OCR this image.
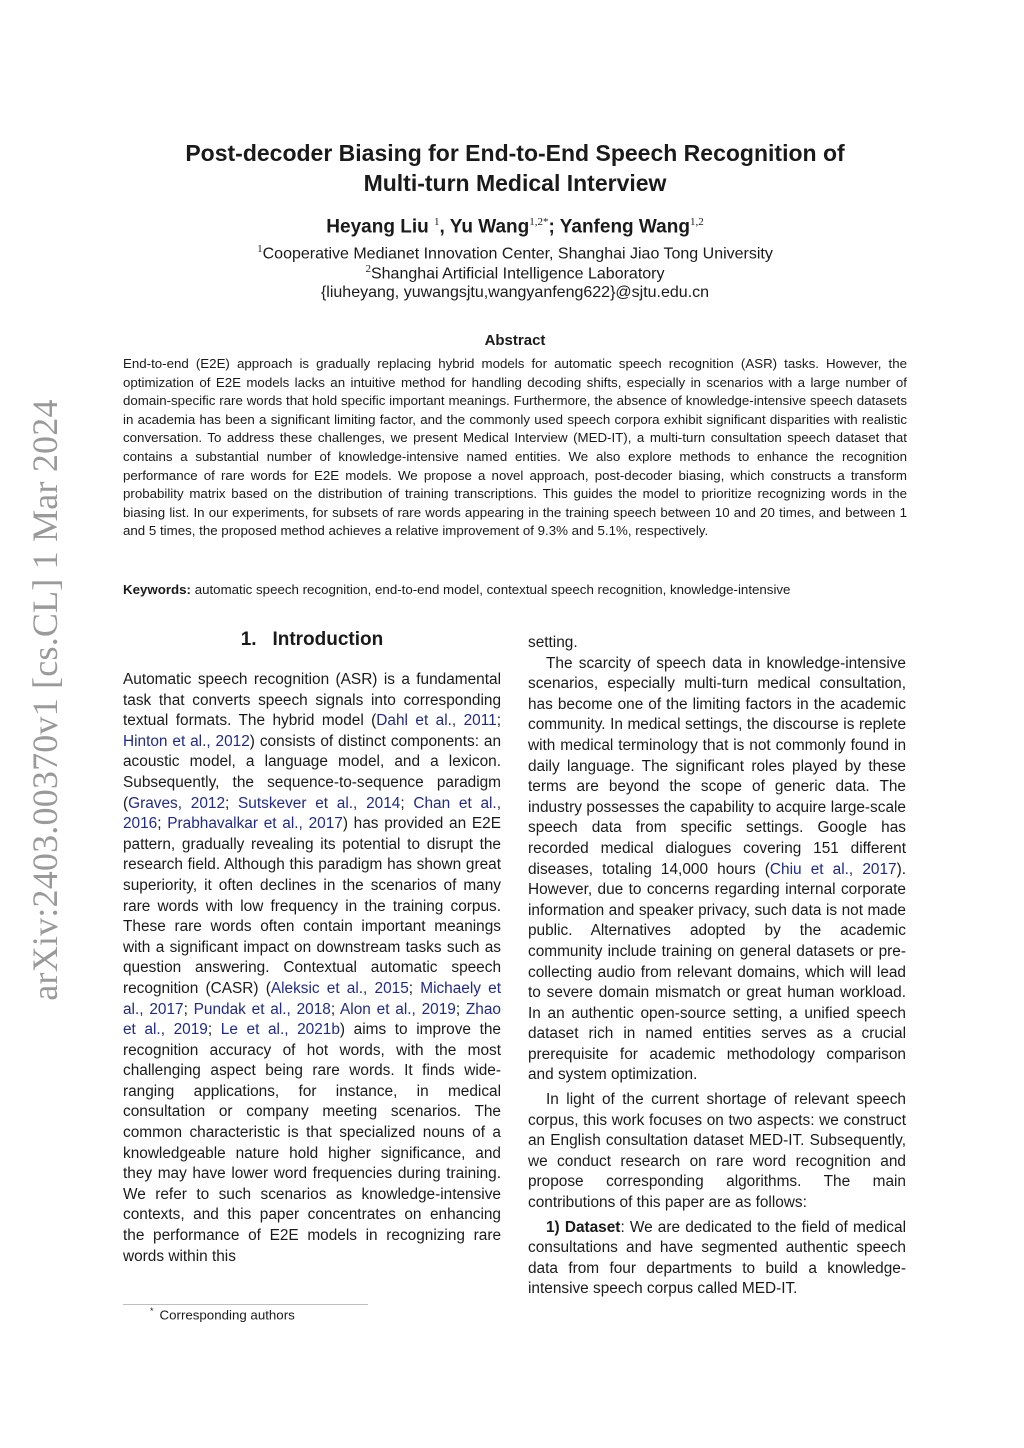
arXiv:2403.00370v1 [cs.CL] 1 Mar 2024
Post-decoder Biasing for End-to-End Speech Recognition of
Multi-turn Medical Interview
Heyang Liu $^1$, Yu Wang$^{1,2*}$; Yanfeng Wang$^{1,2}$
$^1$Cooperative Medianet Innovation Center, Shanghai Jiao Tong University
$^2$Shanghai Artificial Intelligence Laboratory
{liuheyang, yuwangsjtu,wangyanfeng622}@sjtu.edu.cn
Abstract
End-to-end (E2E) approach is gradually replacing hybrid models for automatic speech recognition (ASR) tasks. However, the optimization of E2E models lacks an intuitive method for handling decoding shifts, especially in scenarios with a large number of domain-specific rare words that hold specific important meanings. Furthermore, the absence of knowledge-intensive speech datasets in academia has been a significant limiting factor, and the commonly used speech corpora exhibit significant disparities with realistic conversation. To address these challenges, we present Medical Interview (MED-IT), a multi-turn consultation speech dataset that contains a substantial number of knowledge-intensive named entities. We also explore methods to enhance the recognition performance of rare words for E2E models. We propose a novel approach, post-decoder biasing, which constructs a transform probability matrix based on the distribution of training transcriptions. This guides the model to prioritize recognizing words in the biasing list. In our experiments, for subsets of rare words appearing in the training speech between 10 and 20 times, and between 1 and 5 times, the proposed method achieves a relative improvement of 9.3% and 5.1%, respectively.
Keywords: automatic speech recognition, end-to-end model, contextual speech recognition, knowledge-intensive
1. Introduction

Automatic speech recognition (ASR) is a fundamental task that converts speech signals into corresponding textual formats. The hybrid model (Dahl et al., 2011; Hinton et al., 2012) consists of distinct components: an acoustic model, a language model, and a lexicon. Subsequently, the sequence-to-sequence paradigm (Graves, 2012; Sutskever et al., 2014; Chan et al., 2016; Prabhavalkar et al., 2017) has provided an E2E pattern, gradually revealing its potential to disrupt the research field. Although this paradigm has shown great superiority, it often declines in the scenarios of many rare words with low frequency in the training corpus. These rare words often contain important meanings with a significant impact on downstream tasks such as question answering. Contextual automatic speech recognition (CASR) (Aleksic et al., 2015; Michaely et al., 2017; Pundak et al., 2018; Alon et al., 2019; Zhao et al., 2019; Le et al., 2021b) aims to improve the recognition accuracy of hot words, with the most challenging aspect being rare words. It finds wide-ranging applications, for instance, in medical consultation or company meeting scenarios. The common characteristic is that specialized nouns of a knowledgeable nature hold higher significance, and they may have lower word frequencies during training. We refer to such scenarios as knowledge-intensive contexts, and this paper concentrates on enhancing the performance of E2E models in recognizing rare words within this

setting.

The scarcity of speech data in knowledge-intensive scenarios, especially multi-turn medical consultation, has become one of the limiting factors in the academic community. In medical settings, the discourse is replete with medical terminology that is not commonly found in daily language. The significant roles played by these terms are beyond the scope of generic data. The industry possesses the capability to acquire large-scale speech data from specific settings. Google has recorded medical dialogues covering 151 different diseases, totaling 14,000 hours (Chiu et al., 2017). However, due to concerns regarding internal corporate information and speaker privacy, such data is not made public. Alternatives adopted by the academic community include training on general datasets or pre-collecting audio from relevant domains, which will lead to severe domain mismatch or great human workload. In an authentic open-source setting, a unified speech dataset rich in named entities serves as a crucial prerequisite for academic methodology comparison and system optimization.

In light of the current shortage of relevant speech corpus, this work focuses on two aspects: we construct an English consultation dataset MED-IT. Subsequently, we conduct research on rare word recognition and propose corresponding algorithms. The main contributions of this paper are as follows:

1) Dataset: We are dedicated to the field of medical consultations and have segmented authentic speech data from four departments to build a knowledge-intensive speech corpus called MED-IT.

* Corresponding authors
